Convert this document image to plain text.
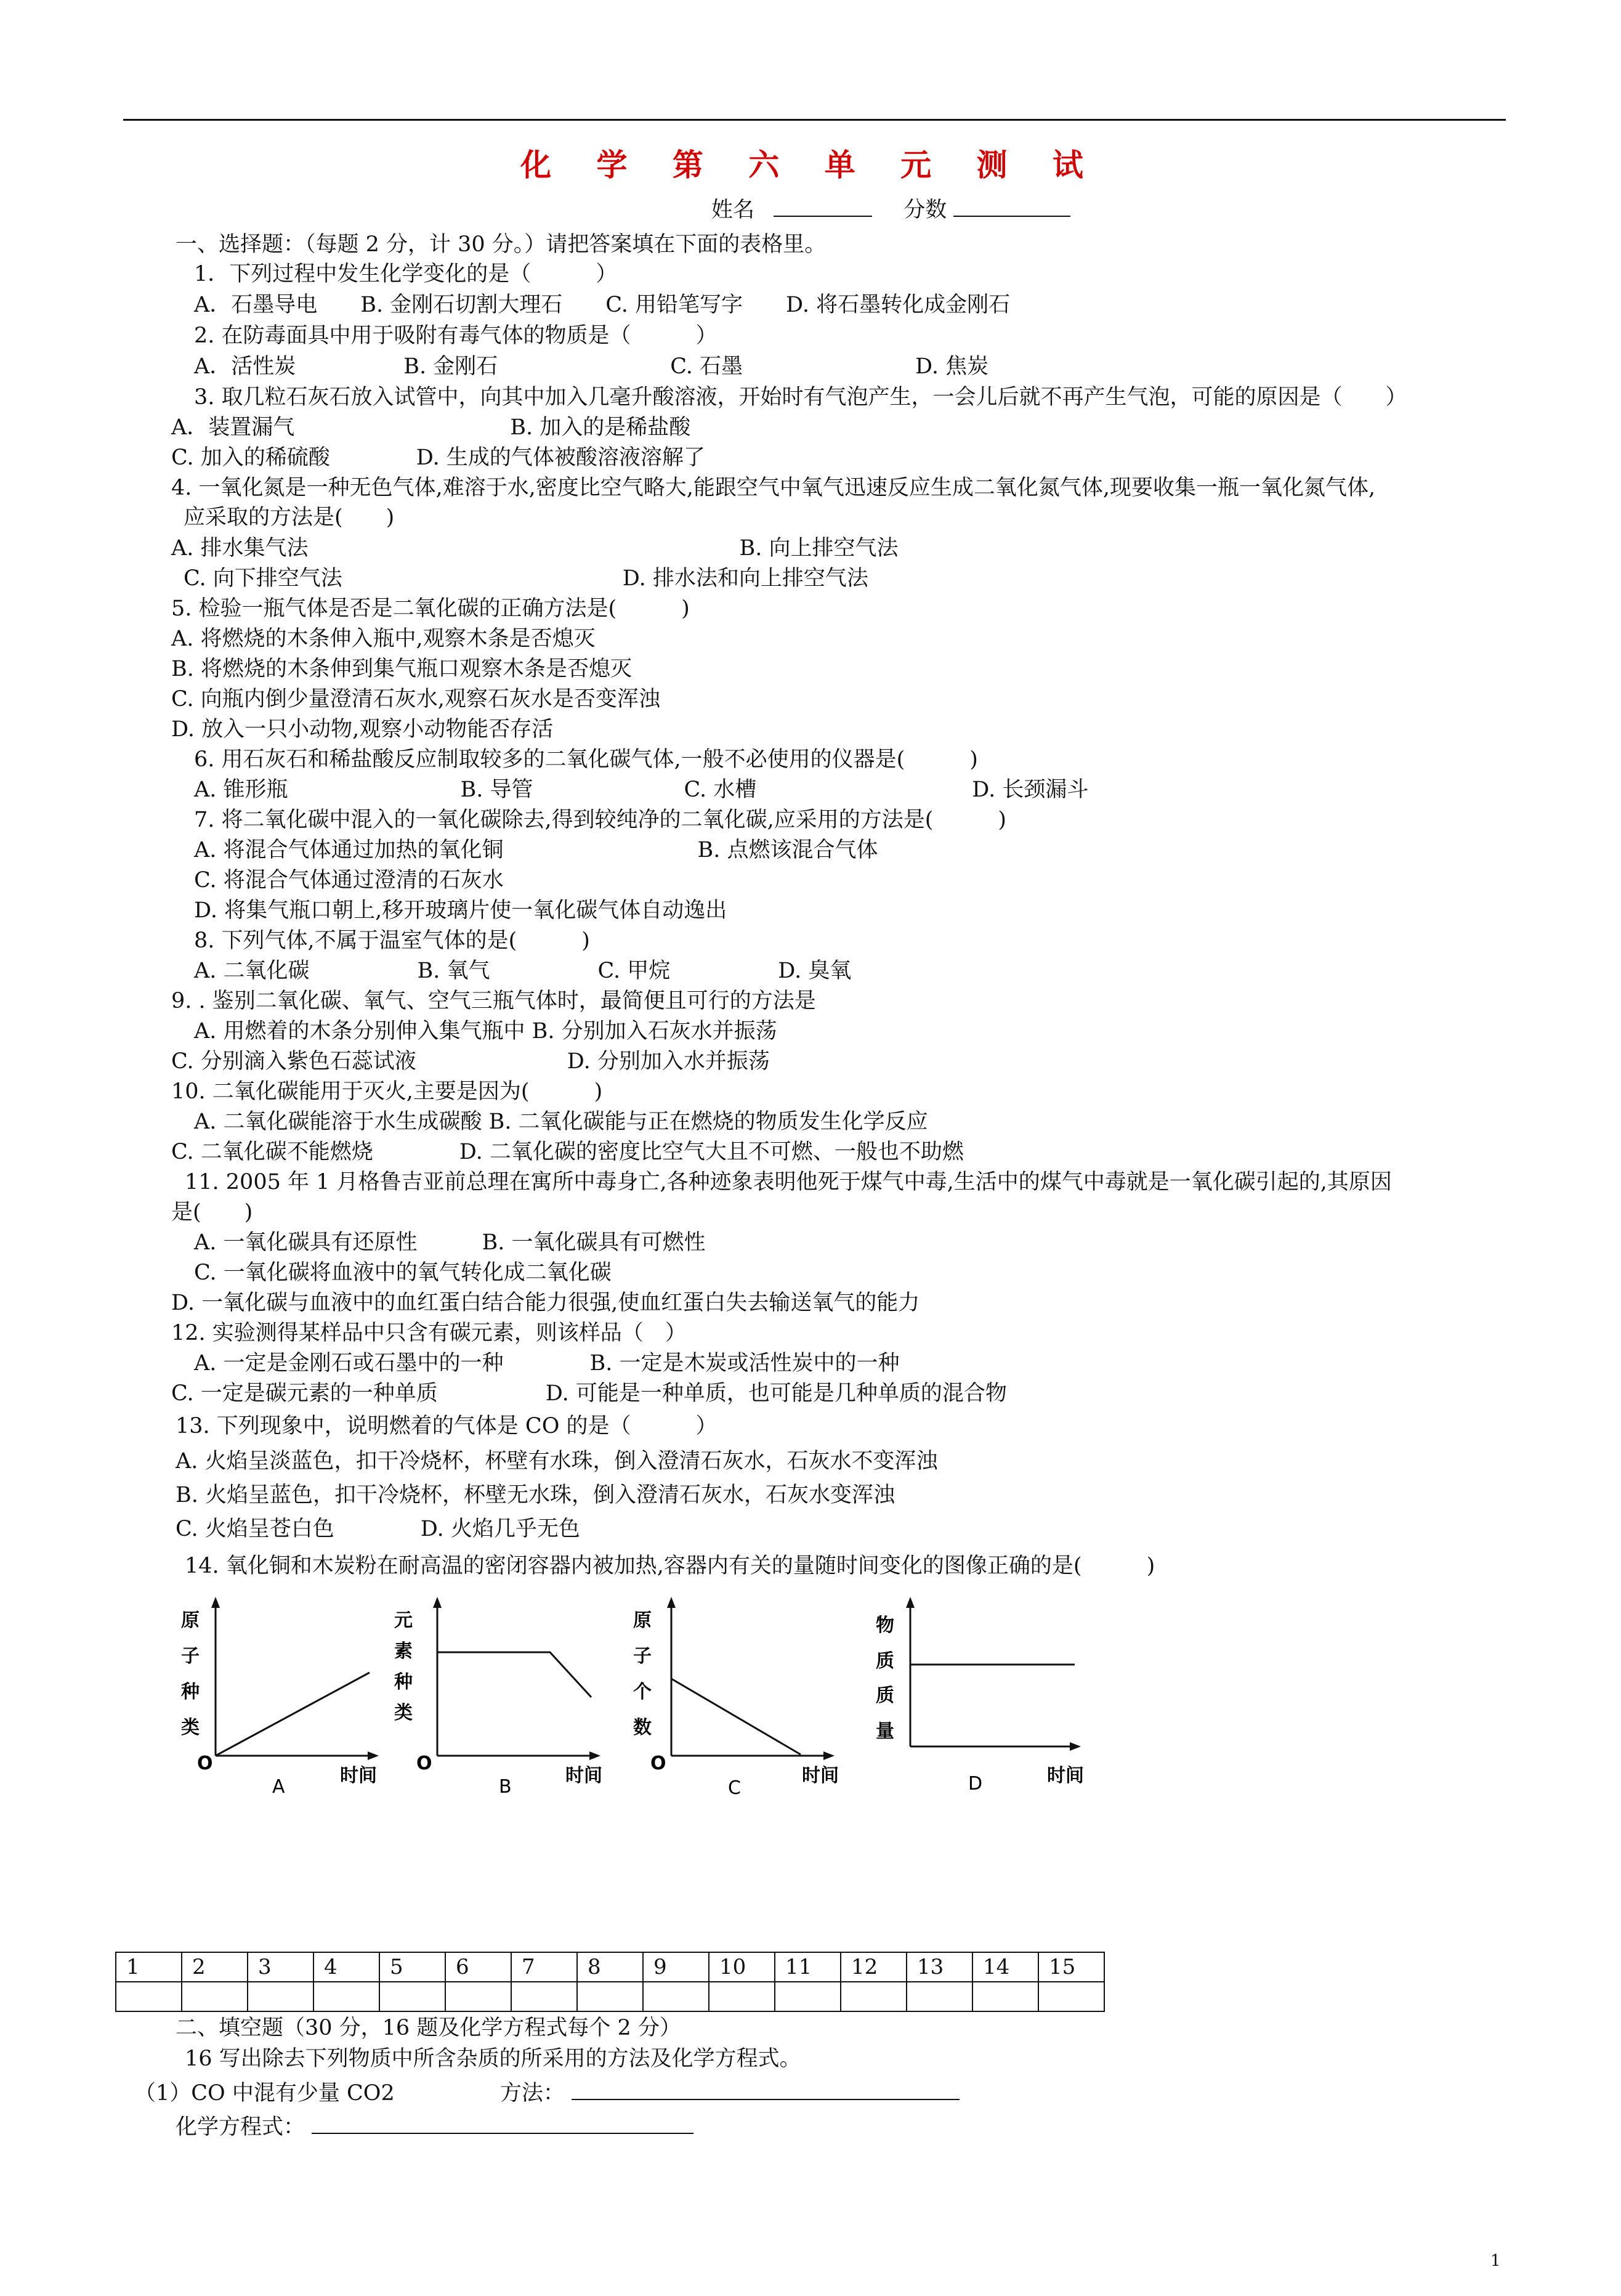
化 学 第 六 单 元 测 试
姓名	分数
一、选择题：（每题 2 分，计 30 分。）请把答案填在下面的表格里。
1．下列过程中发生化学变化的是（　　　）
A．石墨导电　　B. 金刚石切割大理石　　C. 用铅笔写字　　D. 将石墨转化成金刚石
2. 在防毒面具中用于吸附有毒气体的物质是（　　　）
A．活性炭　　　　　B. 金刚石　　　　　　　　C. 石墨　　　　　　　　D. 焦炭
3. 取几粒石灰石放入试管中，向其中加入几毫升酸溶液，开始时有气泡产生，一会儿后就不再产生气泡，可能的原因是（　　）
A．装置漏气　　　　　　　　　　B. 加入的是稀盐酸
C. 加入的稀硫酸　　　　D. 生成的气体被酸溶液溶解了
4. 一氧化氮是一种无色气体,难溶于水,密度比空气略大,能跟空气中氧气迅速反应生成二氧化氮气体,现要收集一瓶一氧化氮气体,
应采取的方法是(　　)
A. 排水集气法　　　　　　　　　　　　　　　　　　　　B. 向上排空气法
C. 向下排空气法　　　　　　　　　　　　　D. 排水法和向上排空气法
5. 检验一瓶气体是否是二氧化碳的正确方法是(　　　)
A. 将燃烧的木条伸入瓶中,观察木条是否熄灭
B. 将燃烧的木条伸到集气瓶口观察木条是否熄灭
C. 向瓶内倒少量澄清石灰水,观察石灰水是否变浑浊
D. 放入一只小动物,观察小动物能否存活
6. 用石灰石和稀盐酸反应制取较多的二氧化碳气体,一般不必使用的仪器是(　　　)
A. 锥形瓶　　　　　　　　B. 导管　　　　　　　C. 水槽　　　　　　　　　　D. 长颈漏斗
7. 将二氧化碳中混入的一氧化碳除去,得到较纯净的二氧化碳,应采用的方法是(　　　)
A. 将混合气体通过加热的氧化铜　　　　　　　　　B. 点燃该混合气体
C. 将混合气体通过澄清的石灰水
D. 将集气瓶口朝上,移开玻璃片使一氧化碳气体自动逸出
8. 下列气体,不属于温室气体的是(　　　)
A. 二氧化碳　　　　　B. 氧气　　　　　C. 甲烷　　　　　D. 臭氧
9. . 鉴别二氧化碳、氧气、空气三瓶气体时，最简便且可行的方法是
A. 用燃着的木条分别伸入集气瓶中 B. 分别加入石灰水并振荡
C. 分别滴入紫色石蕊试液　　　　　　　D. 分别加入水并振荡
10. 二氧化碳能用于灭火,主要是因为(　　　)
A. 二氧化碳能溶于水生成碳酸 B. 二氧化碳能与正在燃烧的物质发生化学反应
C. 二氧化碳不能燃烧　　　　D. 二氧化碳的密度比空气大且不可燃、一般也不助燃
11. 2005 年 1 月格鲁吉亚前总理在寓所中毒身亡,各种迹象表明他死于煤气中毒,生活中的煤气中毒就是一氧化碳引起的,其原因
是(　　)
A. 一氧化碳具有还原性　　　B. 一氧化碳具有可燃性
C. 一氧化碳将血液中的氧气转化成二氧化碳
D. 一氧化碳与血液中的血红蛋白结合能力很强,使血红蛋白失去输送氧气的能力
12. 实验测得某样品中只含有碳元素，则该样品（　）
A. 一定是金刚石或石墨中的一种　　　　B. 一定是木炭或活性炭中的一种
C. 一定是碳元素的一种单质　　　　　D. 可能是一种单质，也可能是几种单质的混合物
13. 下列现象中，说明燃着的气体是 CO 的是（　　　）
A. 火焰呈淡蓝色，扣干冷烧杯，杯壁有水珠，倒入澄清石灰水，石灰水不变浑浊
B. 火焰呈蓝色，扣干冷烧杯，杯壁无水珠，倒入澄清石灰水，石灰水变浑浊
C. 火焰呈苍白色　　　　D. 火焰几乎无色
14. 氧化铜和木炭粉在耐高温的密闭容器内被加热,容器内有关的量随时间变化的图像正确的是(　　　)
原
子
种
类
O
时间
A
元
素
种
类
O
时间
B
原
子
个
数
O
时间
C
物
质
质
量
时间
D
1	2	3	4	5	6	7	8	9	10	11	12	13	14	15

二、填空题（30 分，16 题及化学方程式每个 2 分）
16 写出除去下列物质中所含杂质的所采用的方法及化学方程式。
（1）CO 中混有少量 CO2	方法：
化学方程式：
1
